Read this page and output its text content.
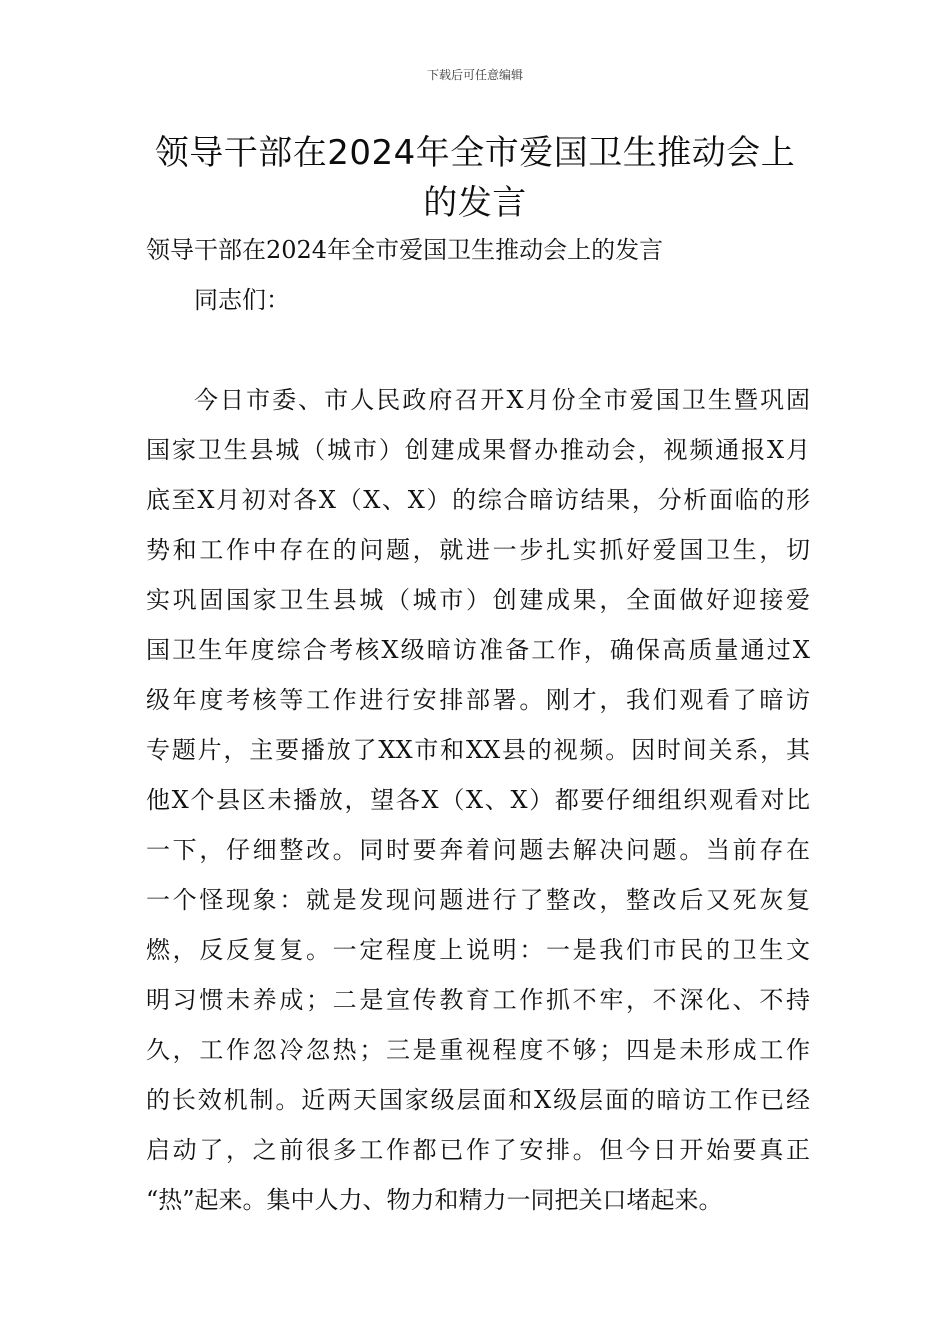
下载后可任意编辑
领导干部在2024年全市爱国卫生推动会上
的发言
领导干部在2024年全市爱国卫生推动会上的发言
同志们：
今日市委、市人民政府召开X月份全市爱国卫生暨巩固
国家卫生县城（城市）创建成果督办推动会，视频通报X月
底至X月初对各X（X、X）的综合暗访结果，分析面临的形
势和工作中存在的问题，就进一步扎实抓好爱国卫生，切
实巩固国家卫生县城（城市）创建成果，全面做好迎接爱
国卫生年度综合考核X级暗访准备工作，确保高质量通过X
级年度考核等工作进行安排部署。刚才，我们观看了暗访
专题片，主要播放了XX市和XX县的视频。因时间关系，其
他X个县区未播放，望各X（X、X）都要仔细组织观看对比
一下，仔细整改。同时要奔着问题去解决问题。当前存在
一个怪现象：就是发现问题进行了整改，整改后又死灰复
燃，反反复复。一定程度上说明：一是我们市民的卫生文
明习惯未养成；二是宣传教育工作抓不牢，不深化、不持
久，工作忽冷忽热；三是重视程度不够；四是未形成工作
的长效机制。近两天国家级层面和X级层面的暗访工作已经
启动了，之前很多工作都已作了安排。但今日开始要真正
“热”起来。集中人力、物力和精力一同把关口堵起来。
